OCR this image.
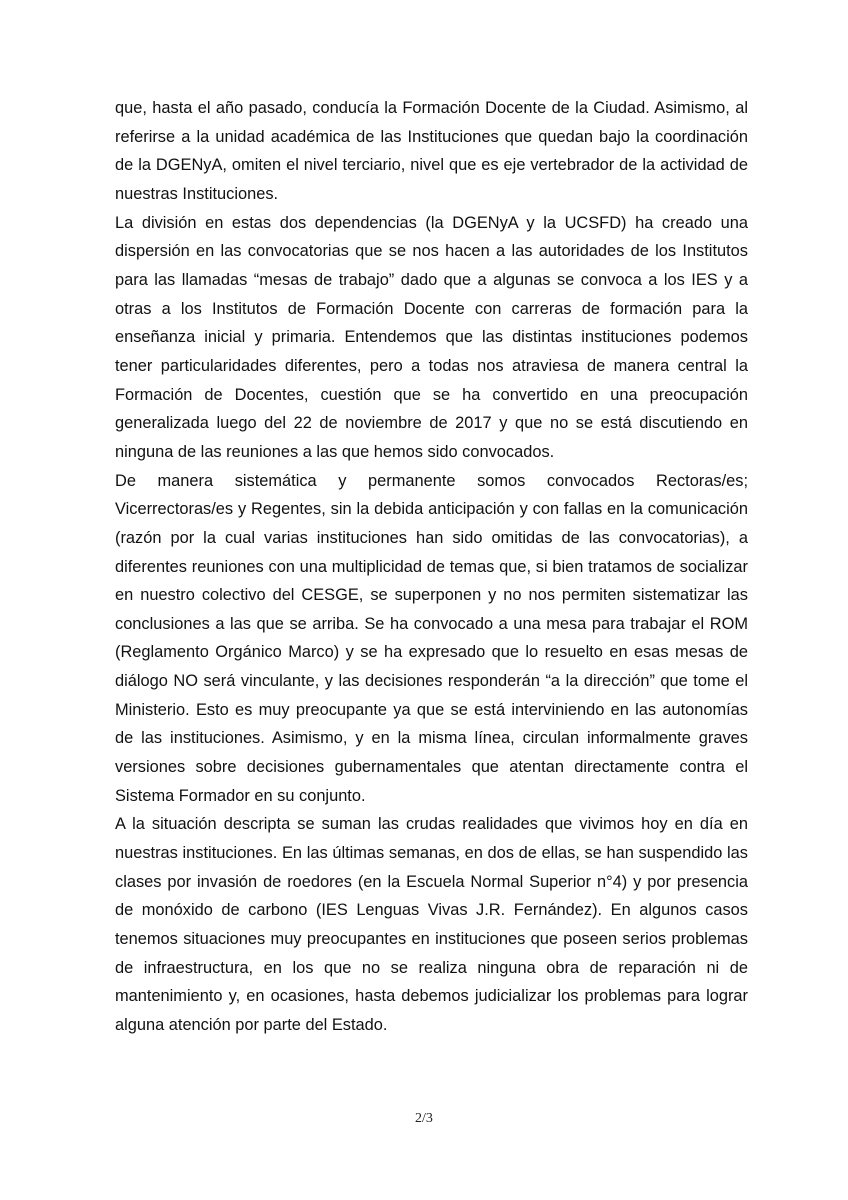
que, hasta el año pasado, conducía la Formación Docente de la Ciudad. Asimismo, al referirse a la unidad académica de las Instituciones que quedan bajo la coordinación de la DGENyA, omiten el nivel terciario, nivel que es eje vertebrador de la actividad de nuestras Instituciones.

La división en estas dos dependencias (la DGENyA y la UCSFD) ha creado una dispersión en las convocatorias que se nos hacen a las autoridades de los Institutos para las llamadas “mesas de trabajo” dado que a algunas se convoca a los IES y a otras a los Institutos de Formación Docente con carreras de formación para la enseñanza inicial y primaria. Entendemos que las distintas instituciones podemos tener particularidades diferentes, pero a todas nos atraviesa de manera central la Formación de Docentes, cuestión que se ha convertido en una preocupación generalizada luego del 22 de noviembre de 2017 y que no se está discutiendo en ninguna de las reuniones a las que hemos sido convocados.

De manera sistemática y permanente somos convocados Rectoras/es; Vicerrectoras/es y Regentes, sin la debida anticipación y con fallas en la comunicación (razón por la cual varias instituciones han sido omitidas de las convocatorias), a diferentes reuniones con una multiplicidad de temas que, si bien tratamos de socializar en nuestro colectivo del CESGE, se superponen y no nos permiten sistematizar las conclusiones a las que se arriba. Se ha convocado a una mesa para trabajar el ROM (Reglamento Orgánico Marco) y se ha expresado que lo resuelto en esas mesas de diálogo NO será vinculante, y las decisiones responderán “a la dirección” que tome el Ministerio. Esto es muy preocupante ya que se está interviniendo en las autonomías de las instituciones. Asimismo, y en la misma línea, circulan informalmente graves versiones sobre decisiones gubernamentales que atentan directamente contra el Sistema Formador en su conjunto.

A la situación descripta se suman las crudas realidades que vivimos hoy en día en nuestras instituciones. En las últimas semanas, en dos de ellas, se han suspendido las clases por invasión de roedores (en la Escuela Normal Superior n°4) y por presencia de monóxido de carbono (IES Lenguas Vivas J.R. Fernández). En algunos casos tenemos situaciones muy preocupantes en instituciones que poseen serios problemas de infraestructura, en los que no se realiza ninguna obra de reparación ni de mantenimiento y, en ocasiones, hasta debemos judicializar los problemas para lograr alguna atención por parte del Estado.

2/3
